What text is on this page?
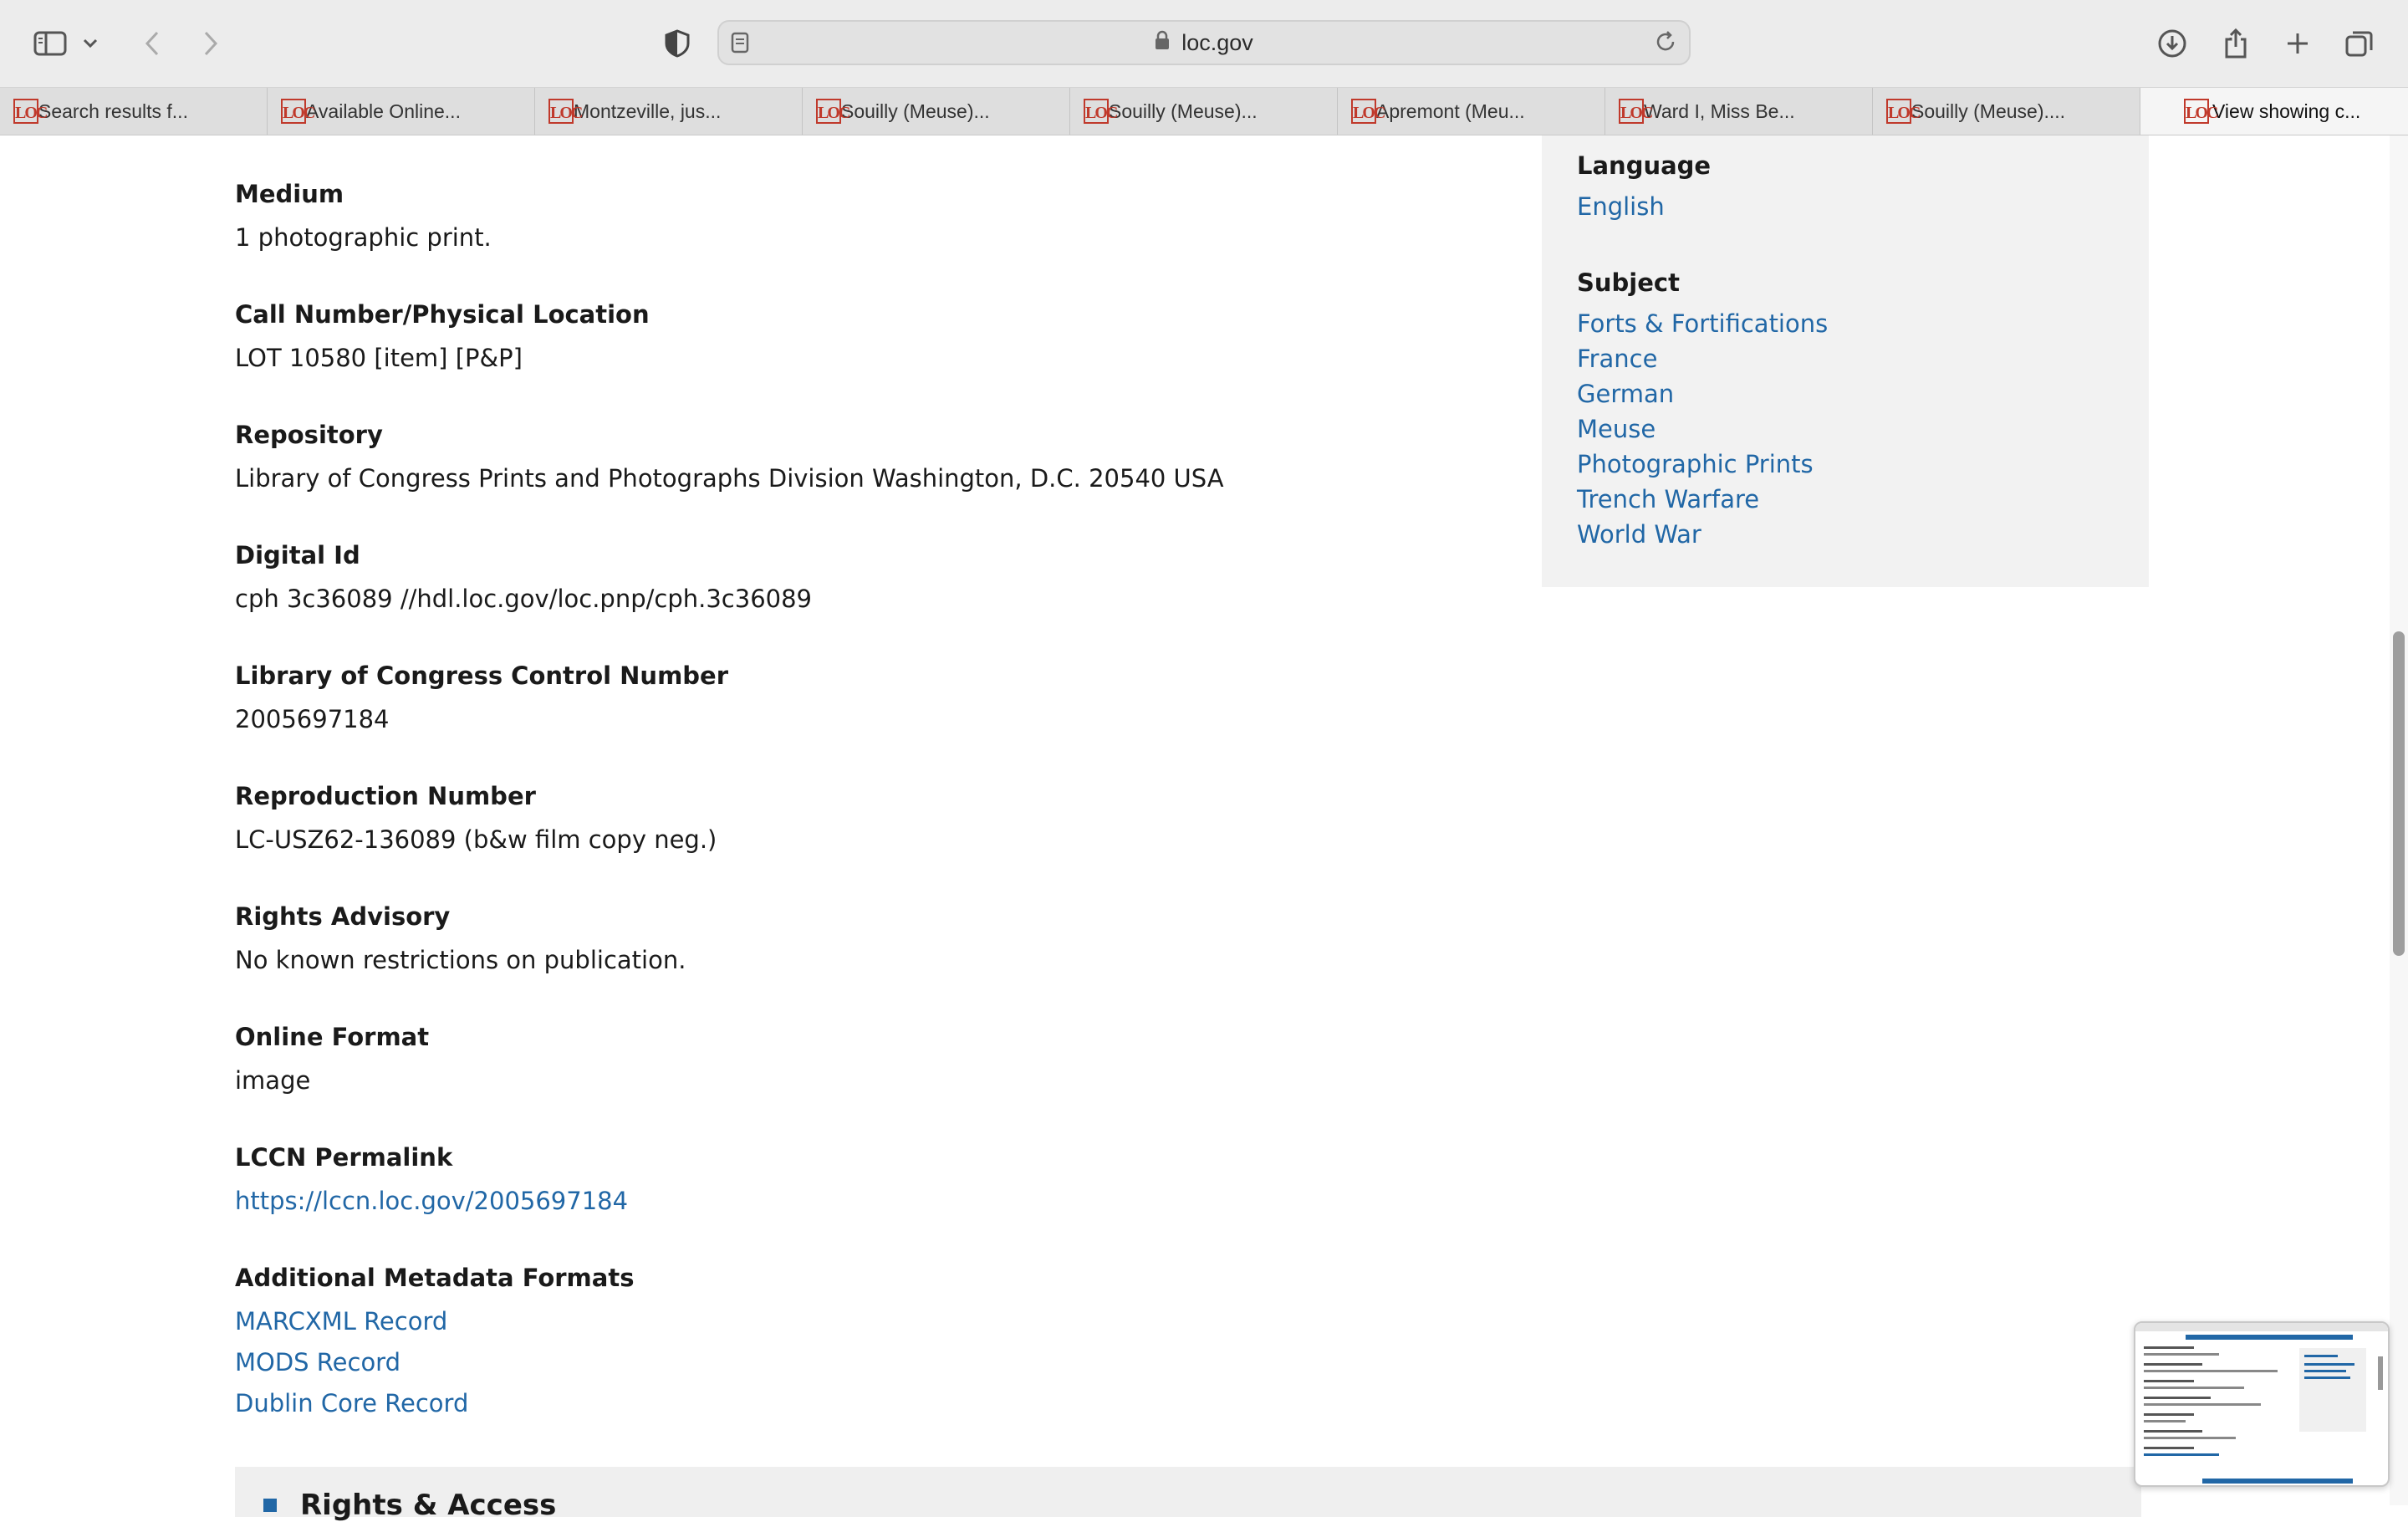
loc.gov
LOC
Search results f...	LOC
Available Online...	LOC
Montzeville, jus...	LOC
Souilly (Meuse)...	LOC
Souilly (Meuse)...	LOC
Apremont (Meu...	LOC
Ward I, Miss Be...	LOC
Souilly (Meuse)....	LOC
View showing c...
Medium
1 photographic print.
Call Number/Physical Location
LOT 10580 [item] [P&P]
Repository
Library of Congress Prints and Photographs Division Washington, D.C. 20540 USA
Digital Id
cph 3c36089 //hdl.loc.gov/loc.pnp/cph.3c36089
Library of Congress Control Number
2005697184
Reproduction Number
LC-USZ62-136089 (b&w film copy neg.)
Rights Advisory
No known restrictions on publication.
Online Format
image
LCCN Permalink
https://lccn.loc.gov/2005697184
Additional Metadata Formats
MARCXML Record
MODS Record
Dublin Core Record
Language
English
Subject
Forts & Fortifications
France
German
Meuse
Photographic Prints
Trench Warfare
World War
Rights & Access
